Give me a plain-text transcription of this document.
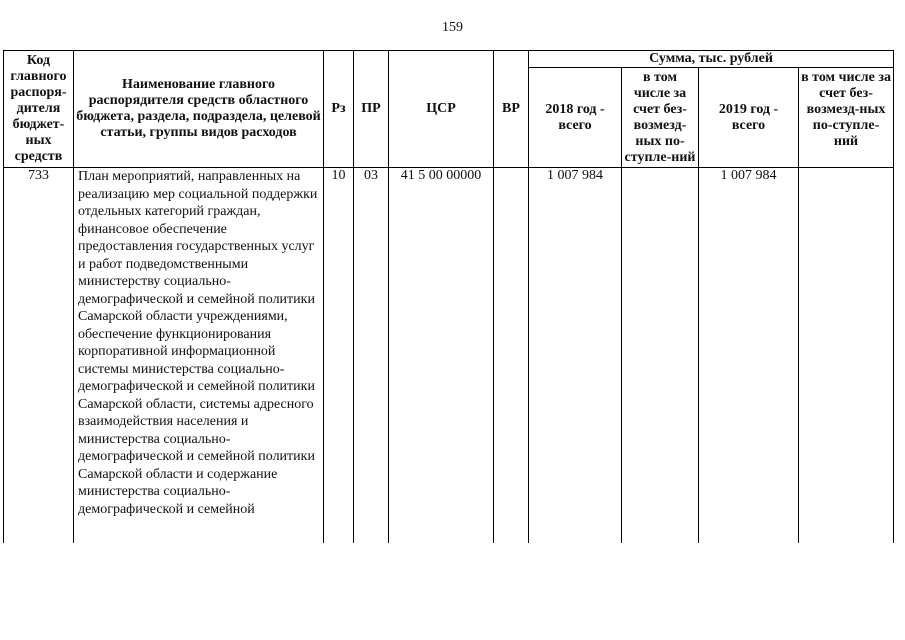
159
Код главного распоря-дителя бюджет-ных средств	Наименование главного распорядителя средств областного бюджета, раздела, подраздела, целевой статьи, группы видов расходов	Рз	ПР	ЦСР	ВР	Сумма, тыс. рублей			
						2018 год - всего	в том числе за счет без-возмезд-ных по-ступле-ний	2019 год - всего	в том числе за счет без-возмезд-ных по-ступле-ний
733	План мероприятий, направленных на реализацию мер социальной поддержки отдельных категорий граждан, финансовое обеспечение предоставления государственных услуг и работ подведомственными министерству социально-демографической и семейной политики Самарской области учреждениями, обеспечение функционирования корпоративной информационной системы министерства социально-демографической и семейной политики Самарской области, системы адресного взаимодействия населения и министерства социально-демографической и семейной политики Самарской области и содержание министерства социально-демографической и семейной	10	03	41 5 00 00000		1 007 984		1 007 984	
